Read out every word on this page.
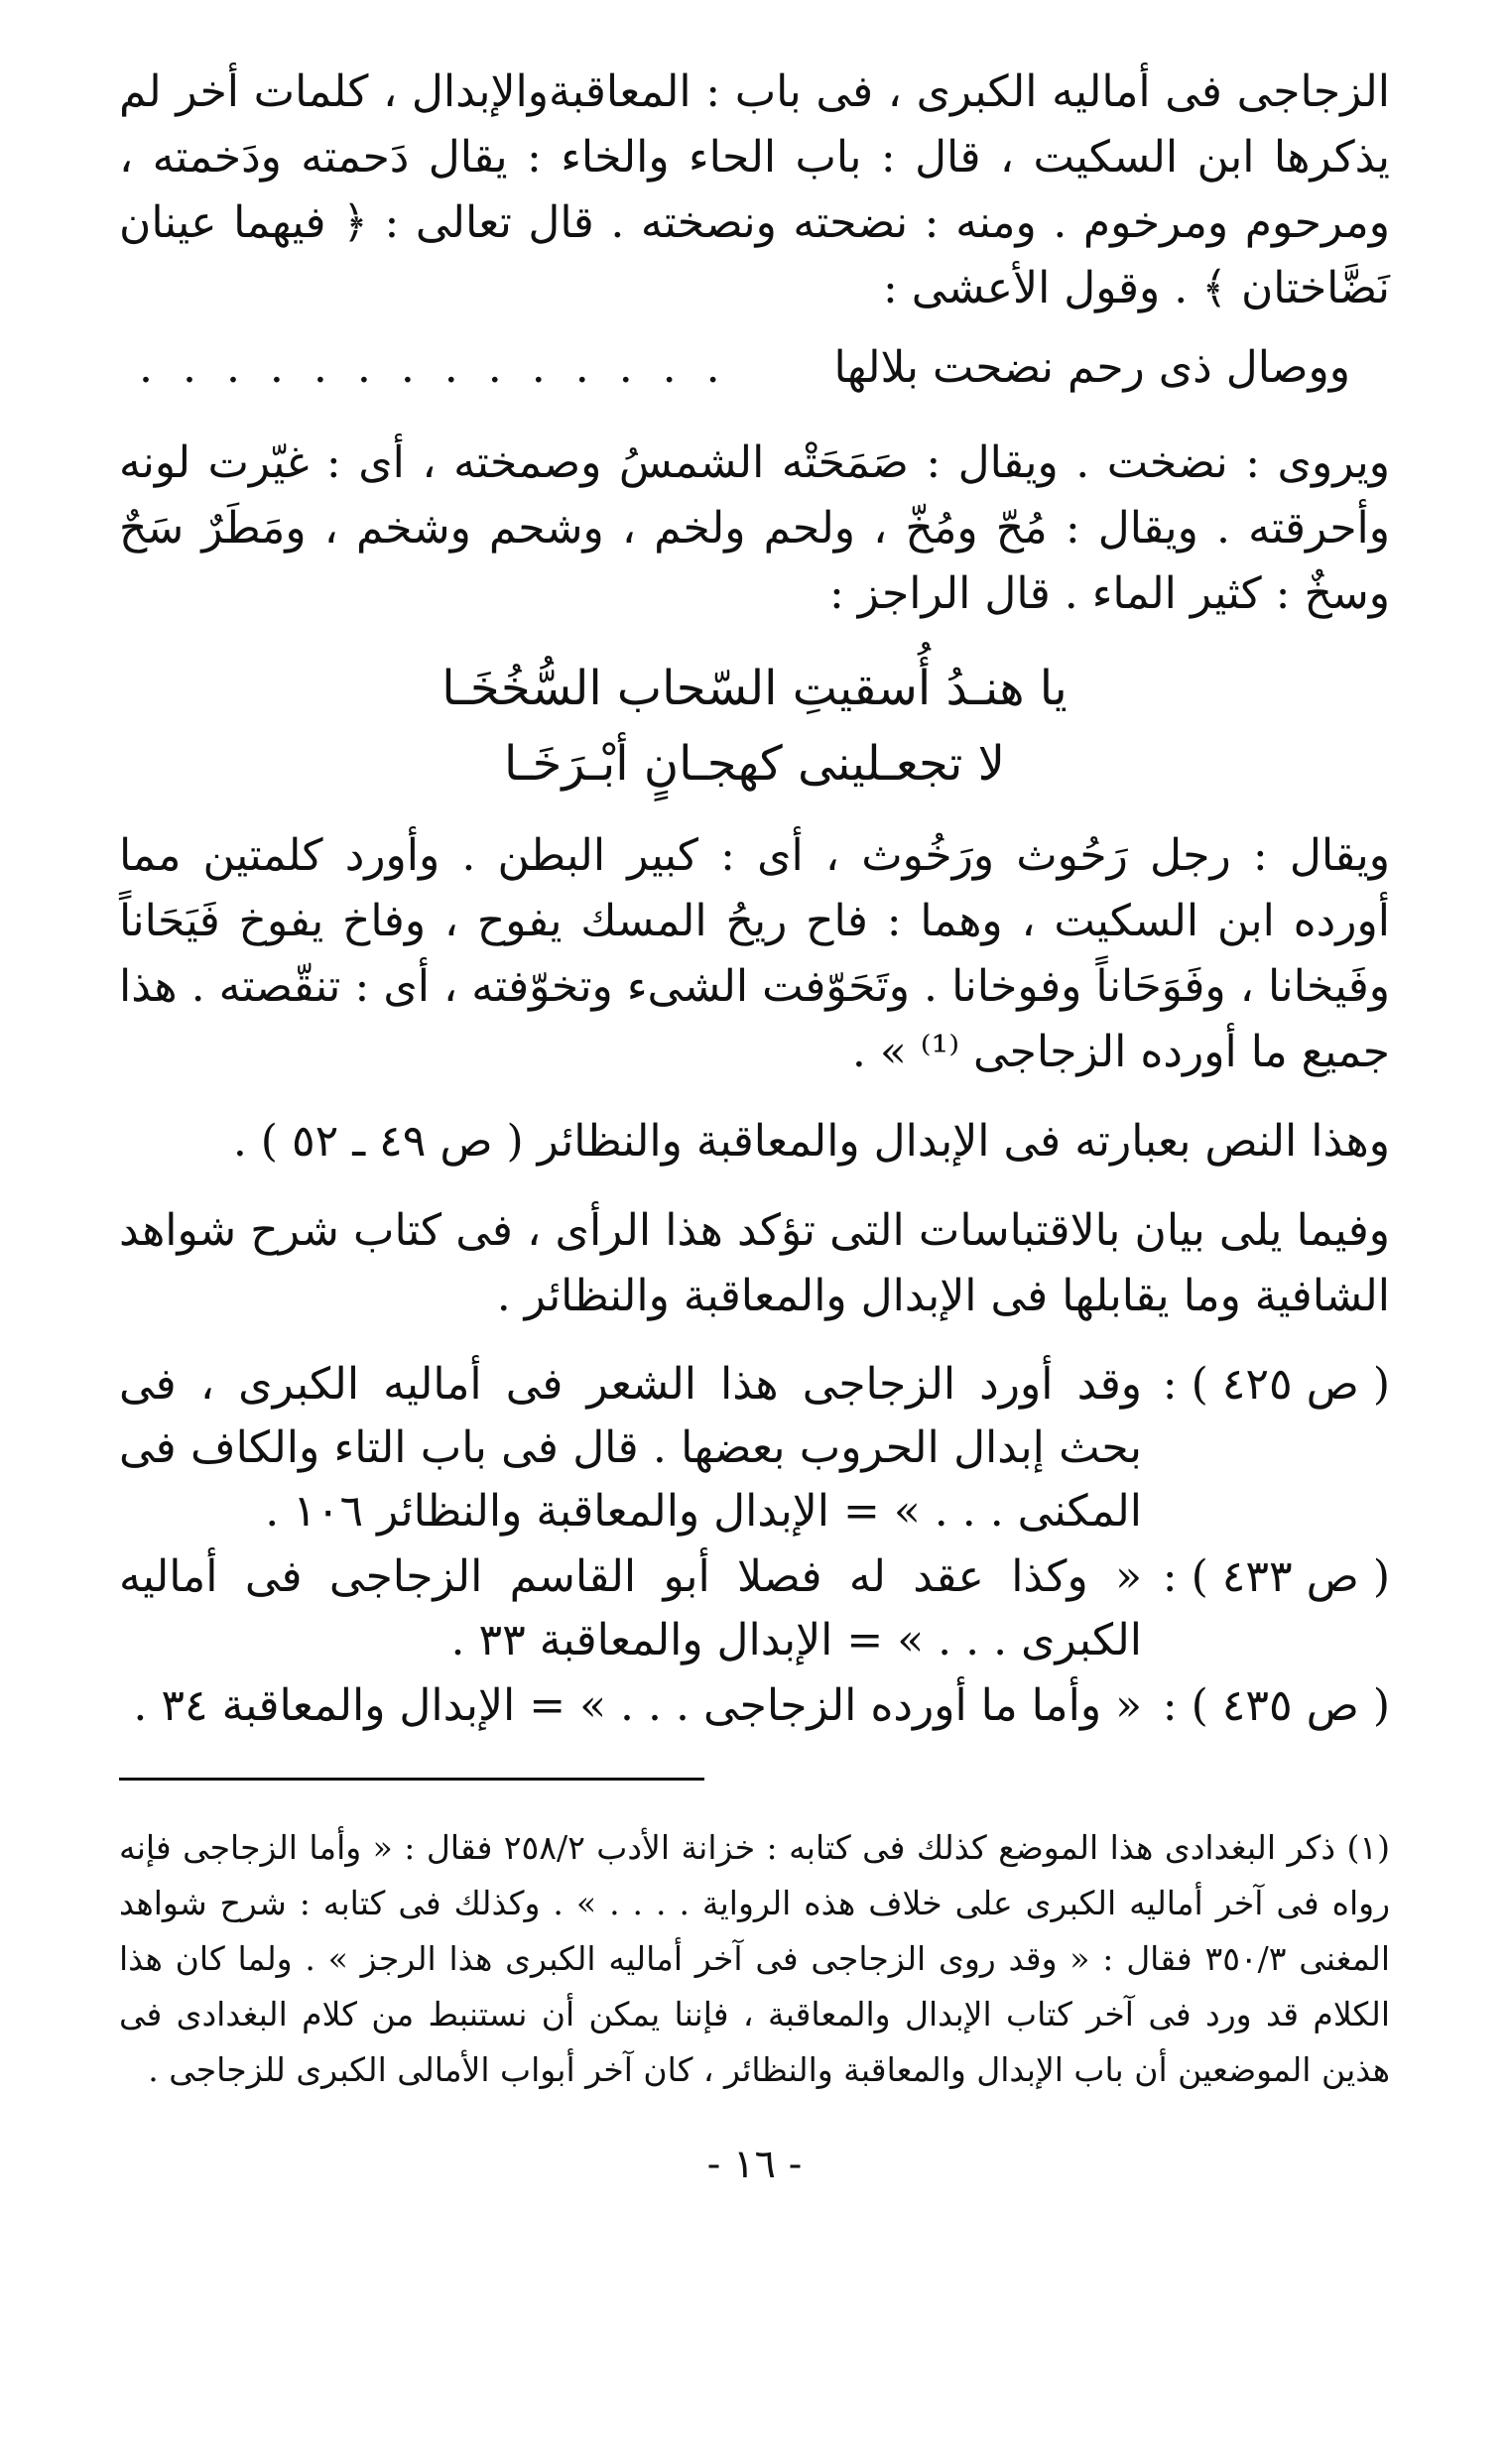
الزجاجى فى أماليه الكبرى ، فى باب : المعاقبةوالإبدال ، كلمات أخر لم يذكرها ابن السكيت ، قال : باب الحاء والخاء : يقال دَحمته ودَخمته ، ومرحوم ومرخوم . ومنه : نضحته ونصخته . قال تعالى : ﴿ فيهما عينان نَضَّاختان ﴾ . وقول الأعشى :

ووصال ذى رحم نضحت بلالها
. . . . . . . . . . . . . .

ويروى : نضخت . ويقال : صَمَحَتْه الشمسُ وصمخته ، أى : غيّرت لونه وأحرقته . ويقال : مُحّ ومُخّ ، ولحم ولخم ، وشحم وشخم ، ومَطَرٌ سَحٌ وسخٌ : كثير الماء . قال الراجز :

يا هنـدُ أُسقيتِ السّحاب السُّخُخَـا
لا تجعـلينى كهجـانٍ أبْـرَخَـا

ويقال : رجل رَحُوث ورَخُوث ، أى : كبير البطن . وأورد كلمتين مما أورده ابن السكيت ، وهما : فاح ريحُ المسك يفوح ، وفاخ يفوخ فَيَحَاناً وفَيخانا ، وفَوَحَاناً وفوخانا . وتَحَوّفت الشىء وتخوّفته ، أى : تنقّصته . هذا جميع ما أورده الزجاجى ⁽¹⁾ » .

وهذا النص بعبارته فى الإبدال والمعاقبة والنظائر ( ص ٤٩ ـ ٥٢ ) .

وفيما يلى بيان بالاقتباسات التى تؤكد هذا الرأى ، فى كتاب شرح شواهد الشافية وما يقابلها فى الإبدال والمعاقبة والنظائر .

( ص ٤٢٥ ) :
وقد أورد الزجاجى هذا الشعر فى أماليه الكبرى ، فى بحث إبدال الحروب بعضها . قال فى باب التاء والكاف فى المكنى . . . » = الإبدال والمعاقبة والنظائر ١٠٦ .
( ص ٤٣٣ ) :
« وكذا عقد له فصلا أبو القاسم الزجاجى فى أماليه الكبرى . . . » = الإبدال والمعاقبة ٣٣ .
( ص ٤٣٥ ) :
« وأما ما أورده الزجاجى . . . » = الإبدال والمعاقبة ٣٤ .

(١) ذكر البغدادى هذا الموضع كذلك فى كتابه : خزانة الأدب ٢٥٨/٢ فقال : « وأما الزجاجى فإنه رواه فى آخر أماليه الكبرى على خلاف هذه الرواية . . . . » . وكذلك فى كتابه : شرح شواهد المغنى ٣٥٠/٣ فقال : « وقد روى الزجاجى فى آخر أماليه الكبرى هذا الرجز » . ولما كان هذا الكلام قد ورد فى آخر كتاب الإبدال والمعاقبة ، فإننا يمكن أن نستنبط من كلام البغدادى فى هذين الموضعين أن باب الإبدال والمعاقبة والنظائر ، كان آخر أبواب الأمالى الكبرى للزجاجى .

- ١٦ -
